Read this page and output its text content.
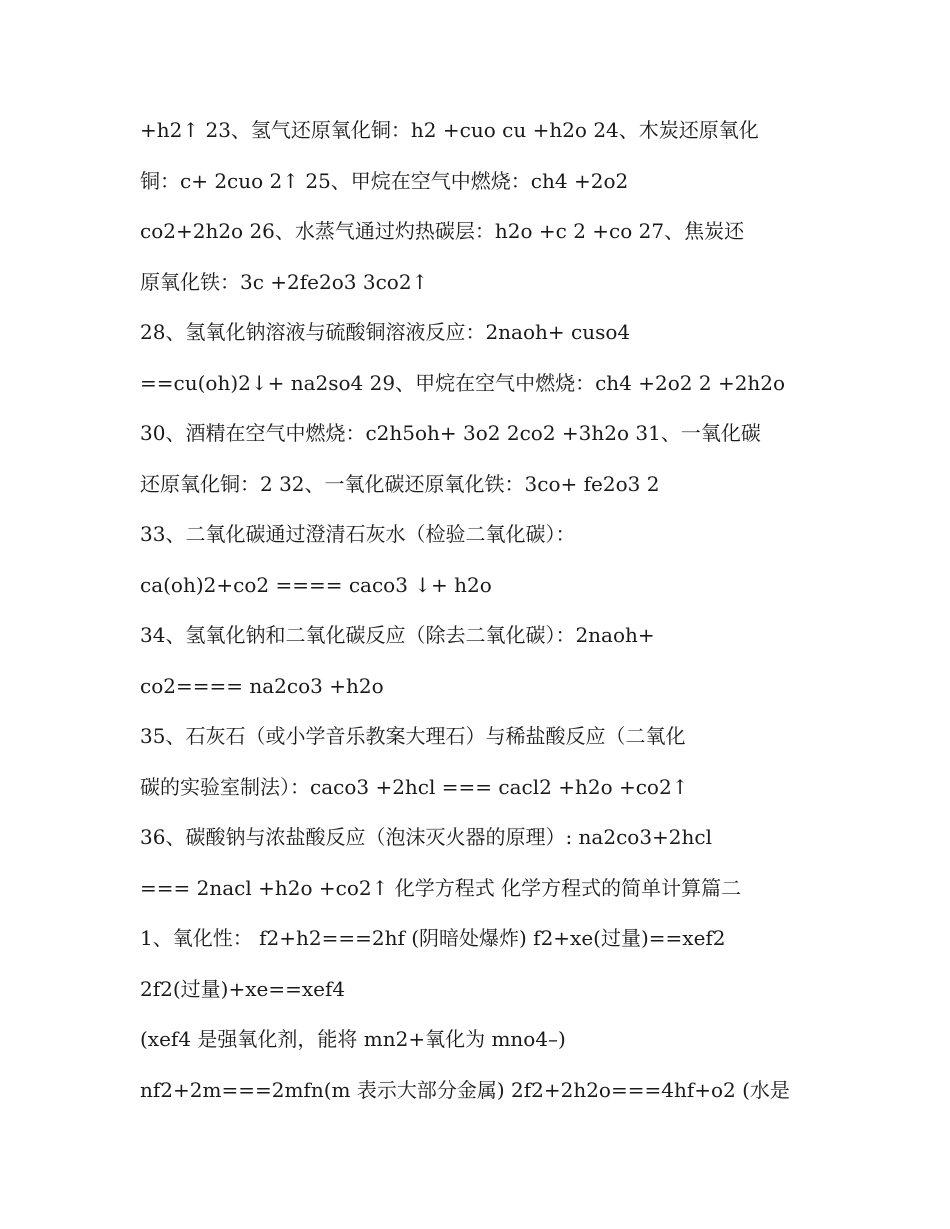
+h2↑ 23、氢气还原氧化铜：h2 +cuo cu +h2o 24、木炭还原氧化
铜：c+ 2cuo 2↑ 25、甲烷在空气中燃烧：ch4 +2o2
co2+2h2o 26、水蒸气通过灼热碳层：h2o +c 2 +co 27、焦炭还
原氧化铁：3c +2fe2o3 3co2↑
28、氢氧化钠溶液与硫酸铜溶液反应：2naoh+ cuso4
==cu(oh)2↓+ na2so4 29、甲烷在空气中燃烧：ch4 +2o2 2 +2h2o
30、酒精在空气中燃烧：c2h5oh+ 3o2 2co2 +3h2o 31、一氧化碳
还原氧化铜：2 32、一氧化碳还原氧化铁：3co+ fe2o3 2
33、二氧化碳通过澄清石灰水（检验二氧化碳）：
ca(oh)2+co2 ==== caco3 ↓+ h2o
34、氢氧化钠和二氧化碳反应（除去二氧化碳）：2naoh+
co2==== na2co3 +h2o
35、石灰石（或小学音乐教案大理石）与稀盐酸反应（二氧化
碳的实验室制法）：caco3 +2hcl === cacl2 +h2o +co2↑
36、碳酸钠与浓盐酸反应（泡沫灭火器的原理）: na2co3+2hcl
=== 2nacl +h2o +co2↑ 化学方程式 化学方程式的简单计算篇二
1、氧化性： f2+h2===2hf (阴暗处爆炸) f2+xe(过量)==xef2
2f2(过量)+xe==xef4
(xef4 是强氧化剂，能将 mn2+氧化为 mno4–)
nf2+2m===2mfn(m 表示大部分金属) 2f2+2h2o===4hf+o2 (水是
